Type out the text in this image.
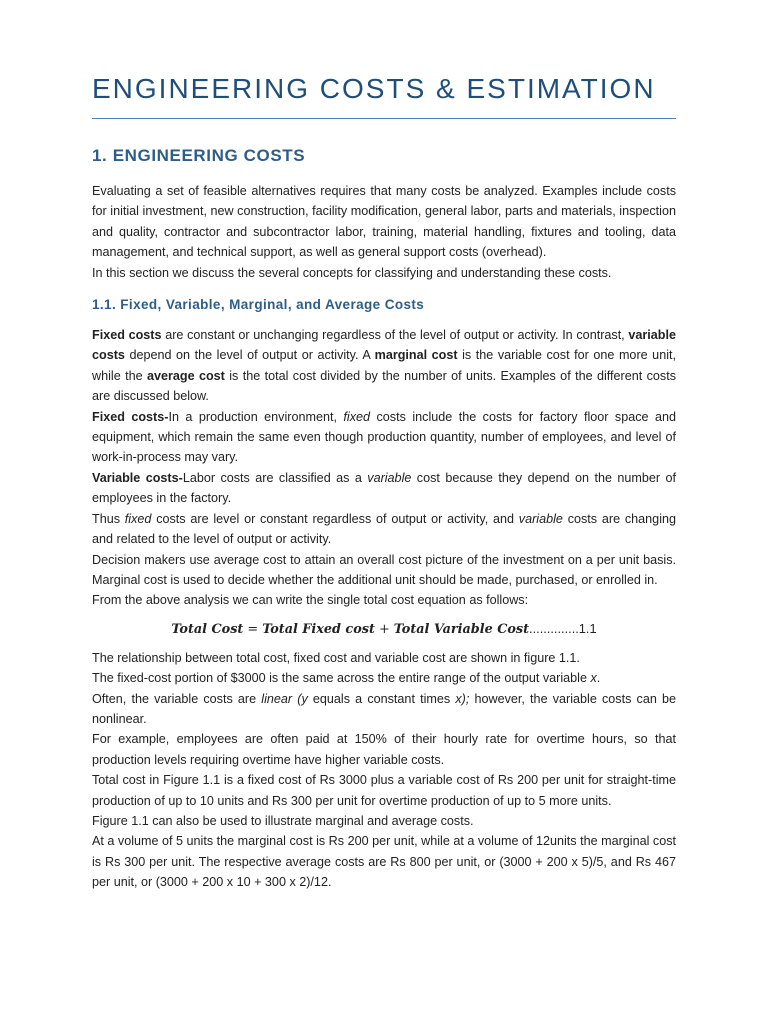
ENGINEERING COSTS & ESTIMATION
1. ENGINEERING COSTS

Evaluating a set of feasible alternatives requires that many costs be analyzed. Examples include costs for initial investment, new construction, facility modification, general labor, parts and materials, inspection and quality, contractor and subcontractor labor, training, material handling, fixtures and tooling, data management, and technical support, as well as general support costs (overhead).

In this section we discuss the several concepts for classifying and understanding these costs.

1.1. Fixed, Variable, Marginal, and Average Costs

Fixed costs are constant or unchanging regardless of the level of output or activity. In contrast, variable costs depend on the level of output or activity. A marginal cost is the variable cost for one more unit, while the average cost is the total cost divided by the number of units. Examples of the different costs are discussed below.

Fixed costs-In a production environment, fixed costs include the costs for factory floor space and equipment, which remain the same even though production quantity, number of employees, and level of work-in-process may vary.

Variable costs-Labor costs are classified as a variable cost because they depend on the number of employees in the factory.

Thus fixed costs are level or constant regardless of output or activity, and variable costs are changing and related to the level of output or activity.

Decision makers use average cost to attain an overall cost picture of the investment on a per unit basis. Marginal cost is used to decide whether the additional unit should be made, purchased, or enrolled in.

From the above analysis we can write the single total cost equation as follows:

Total Cost = Total Fixed cost + Total Variable Cost..............1.1

The relationship between total cost, fixed cost and variable cost are shown in figure 1.1.

The fixed-cost portion of $3000 is the same across the entire range of the output variable x.

Often, the variable costs are linear (y equals a constant times x); however, the variable costs can be nonlinear.

For example, employees are often paid at 150% of their hourly rate for overtime hours, so that production levels requiring overtime have higher variable costs.

Total cost in Figure 1.1 is a fixed cost of Rs 3000 plus a variable cost of Rs 200 per unit for straight-time production of up to 10 units and Rs 300 per unit for overtime production of up to 5 more units.

Figure 1.1 can also be used to illustrate marginal and average costs.

At a volume of 5 units the marginal cost is Rs 200 per unit, while at a volume of 12units the marginal cost is Rs 300 per unit. The respective average costs are Rs 800 per unit, or (3000 + 200 x 5)/5, and Rs 467 per unit, or (3000 + 200 x 10 + 300 x 2)/12.
